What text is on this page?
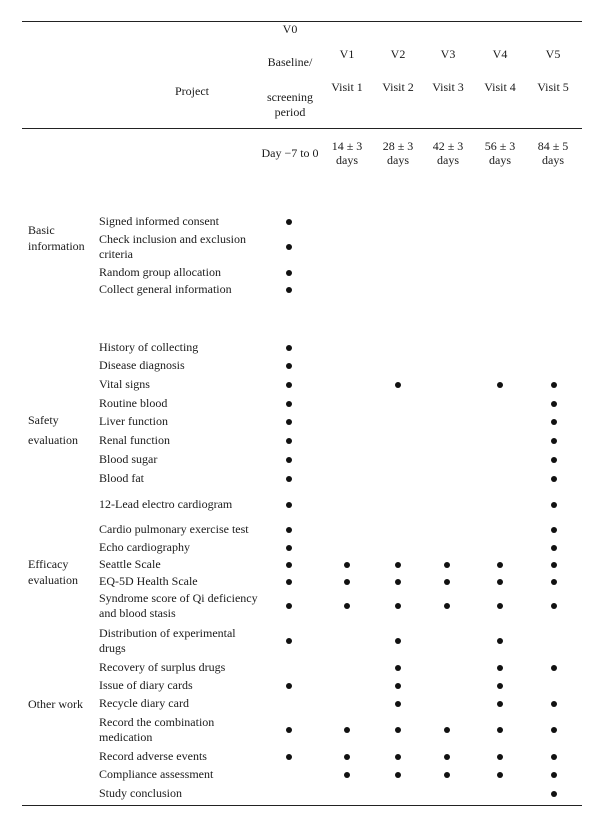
Project
V0
Baseline/
screening
period
Day −7 to 0
V1
Visit 1
14 ± 3
days
V2
Visit 2
28 ± 3
days
V3
Visit 3
42 ± 3
days
V4
Visit 4
56 ± 3
days
V5
Visit 5
84 ± 5
days
Basic
information
Safety
evaluation
Efficacy
evaluation
Other work
Signed informed consent
Check inclusion and exclusion
criteria
Random group allocation
Collect general information
History of collecting
Disease diagnosis
Vital signs
Routine blood
Liver function
Renal function
Blood sugar
Blood fat
12-Lead electro cardiogram
Cardio pulmonary exercise test
Echo cardiography
Seattle Scale
EQ-5D Health Scale
Syndrome score of Qi deficiency
and blood stasis
Distribution of experimental
drugs
Recovery of surplus drugs
Issue of diary cards
Recycle diary card
Record the combination
medication
Record adverse events
Compliance assessment
Study conclusion
